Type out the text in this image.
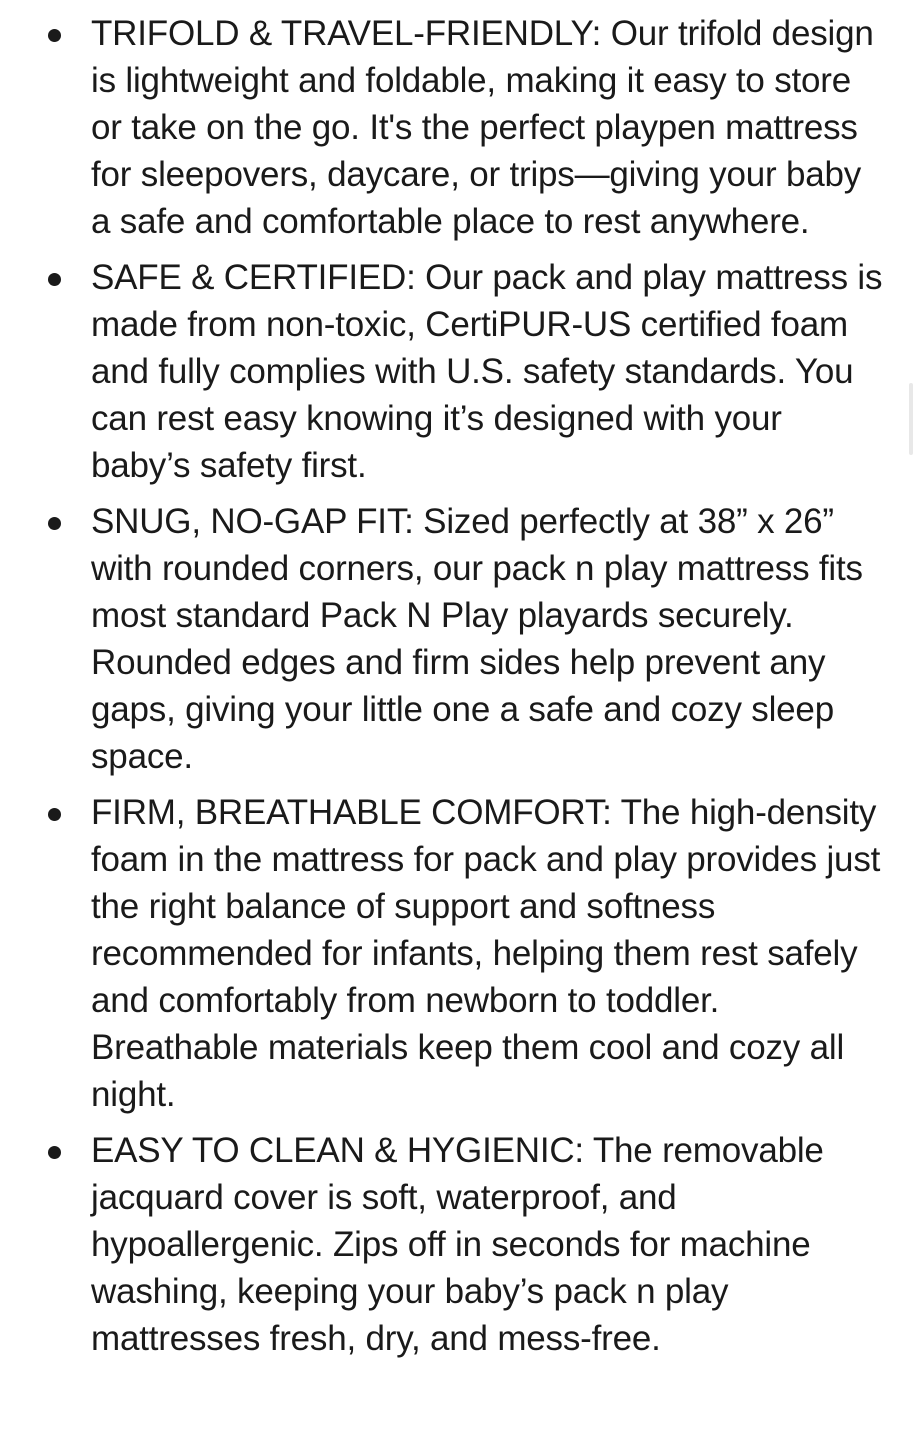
TRIFOLD & TRAVEL-FRIENDLY: Our trifold design is lightweight and foldable, making it easy to store or take on the go. It's the perfect playpen mattress for sleepovers, daycare, or trips—giving your baby a safe and comfortable place to rest anywhere.
SAFE & CERTIFIED: Our pack and play mattress is made from non-toxic, CertiPUR-US certified foam and fully complies with U.S. safety standards. You can rest easy knowing it’s designed with your baby’s safety first.
SNUG, NO-GAP FIT: Sized perfectly at 38” x 26” with rounded corners, our pack n play mattress fits most standard Pack N Play playards securely. Rounded edges and firm sides help prevent any gaps, giving your little one a safe and cozy sleep space.
FIRM, BREATHABLE COMFORT: The high-density foam in the mattress for pack and play provides just the right balance of support and softness recommended for infants, helping them rest safely and comfortably from newborn to toddler. Breathable materials keep them cool and cozy all night.
EASY TO CLEAN & HYGIENIC: The removable jacquard cover is soft, waterproof, and hypoallergenic. Zips off in seconds for machine washing, keeping your baby’s pack n play mattresses fresh, dry, and mess-free.
